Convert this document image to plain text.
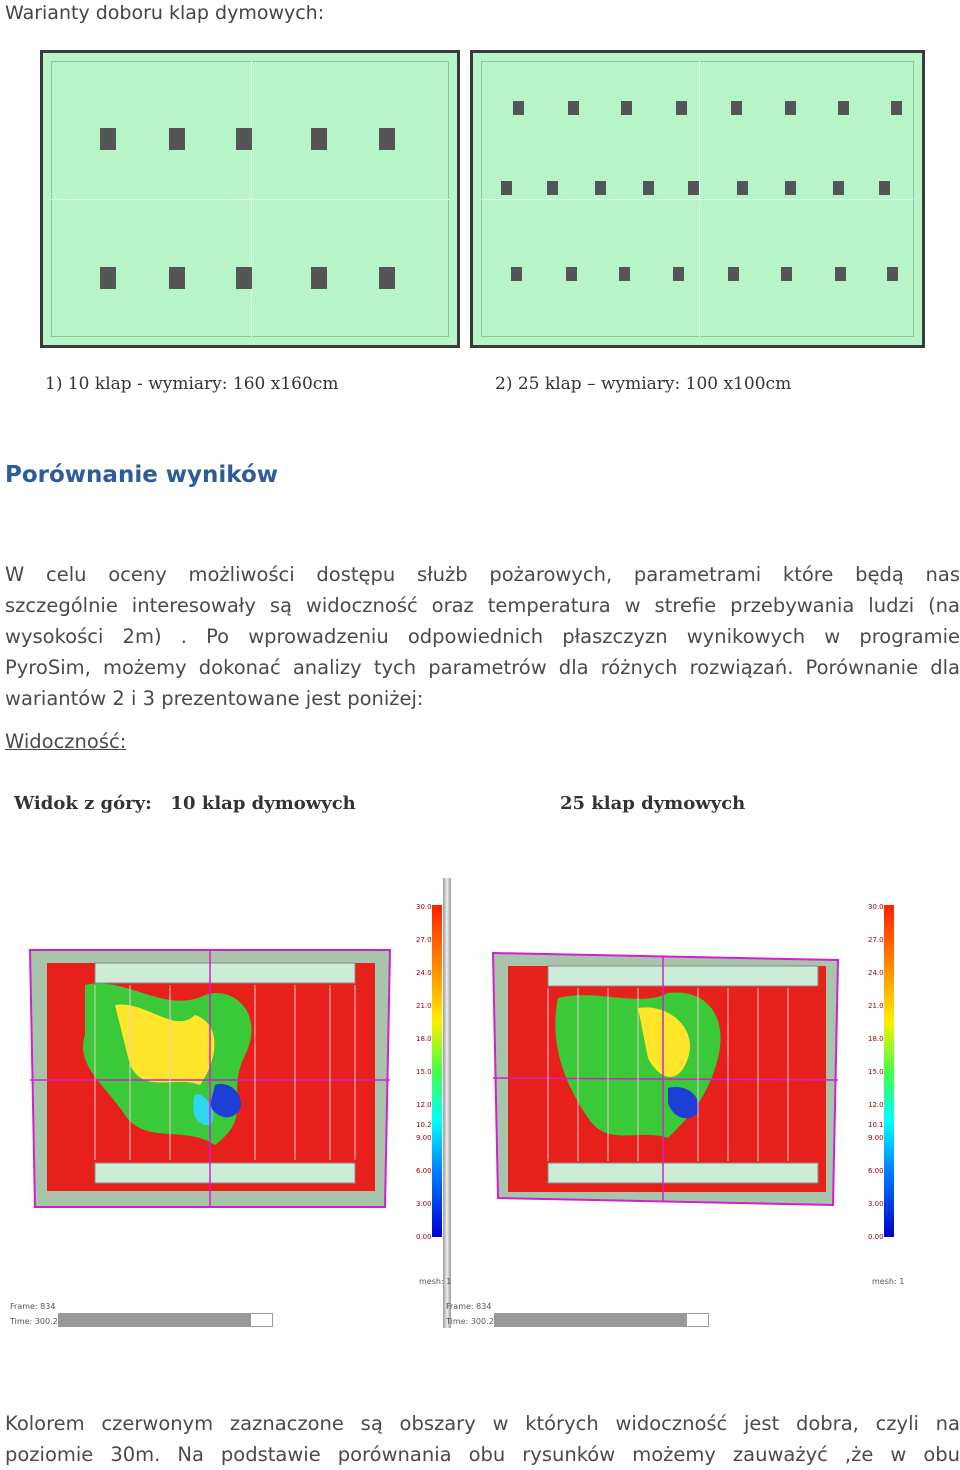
Warianty doboru klap dymowych:
1) 10 klap - wymiary: 160 x160cm	2) 25 klap – wymiary: 100 x100cm
Porównanie wyników
W celu oceny możliwości dostępu służb pożarowych, parametrami które będą nas
szczególnie interesowały są widoczność oraz temperatura w strefie przebywania ludzi (na
wysokości 2m) . Po wprowadzeniu odpowiednich płaszczyzn wynikowych w programie
PyroSim, możemy dokonać analizy tych parametrów dla różnych rozwiązań. Porównanie dla
wariantów 2 i 3 prezentowane jest poniżej:
Widoczność:
Widok z góry:   10 klap dymowych	25 klap dymowych
30.0
27.0
24.0
21.0
18.0
15.0
12.0
10.2
9.00
6.00
3.00
0.00
30.0
27.0
24.0
21.0
18.0
15.0
12.0
10.1
9.00
6.00
3.00
0.00
mesh: 1	mesh: 1
Frame: 834
Time: 300.2
Frame: 834
Time: 300.2
Kolorem czerwonym zaznaczone są obszary w których widoczność jest dobra, czyli na
poziomie 30m. Na podstawie porównania obu rysunków możemy zauważyć ,że w obu
